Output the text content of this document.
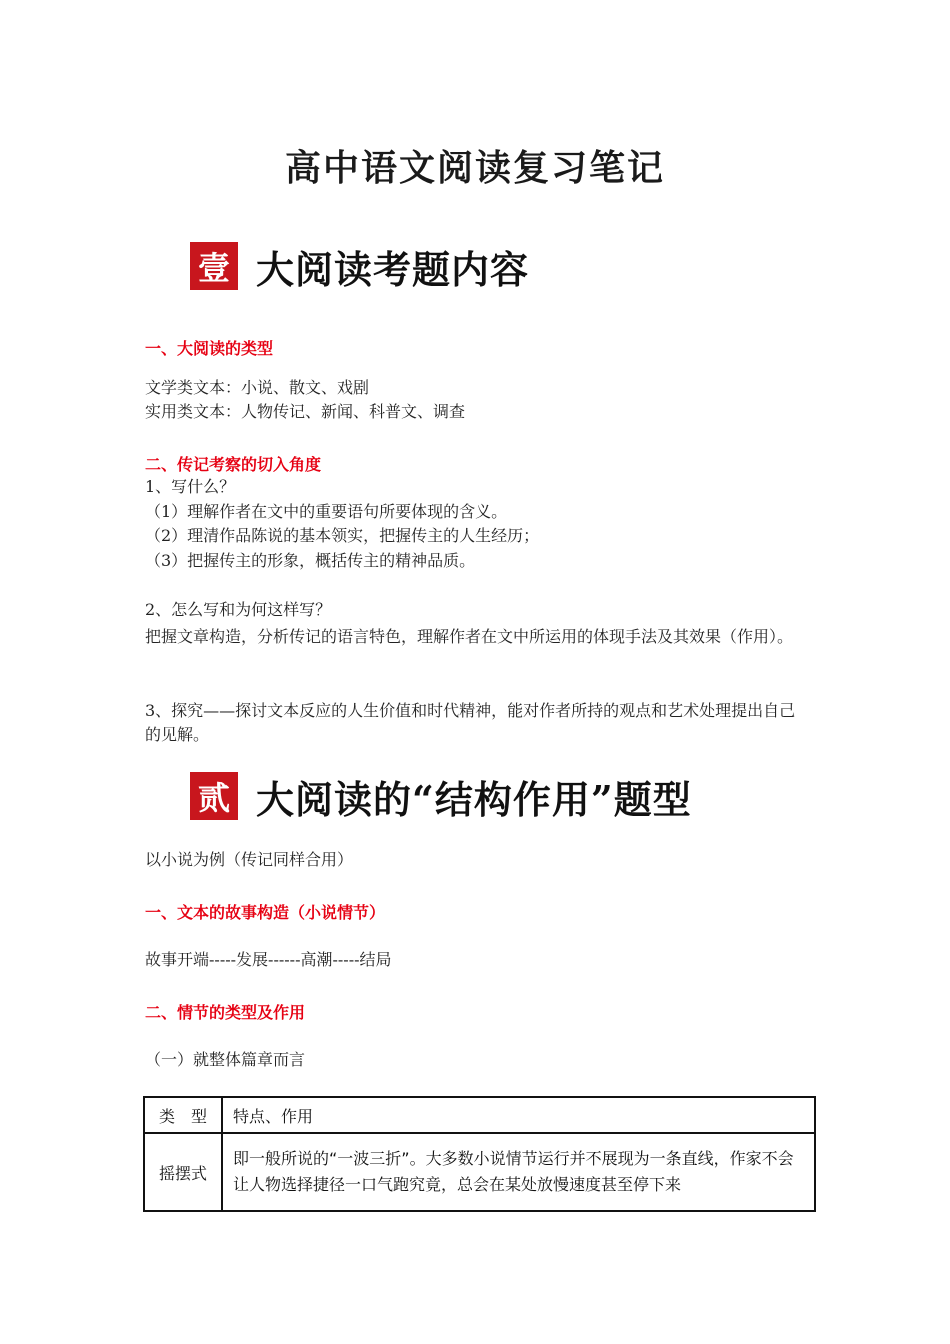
高中语文阅读复习笔记
壹 大阅读考题内容
一、大阅读的类型
文学类文本：小说、散文、戏剧
实用类文本：人物传记、新闻、科普文、调查
二、传记考察的切入角度
1、写什么？
（1）理解作者在文中的重要语句所要体现的含义。
（2）理清作品陈说的基本领实，把握传主的人生经历；
（3）把握传主的形象，概括传主的精神品质。
2、怎么写和为何这样写？
把握文章构造，分析传记的语言特色，理解作者在文中所运用的体现手法及其效果（作用）。
3、探究——探讨文本反应的人生价值和时代精神，能对作者所持的观点和艺术处理提出自己的见解。
贰 大阅读的“结构作用”题型
以小说为例（传记同样合用）
一、文本的故事构造（小说情节）
故事开端-----发展------高潮-----结局
二、情节的类型及作用
（一）就整体篇章而言
类　型	特点、作用
摇摆式	即一般所说的“一波三折”。大多数小说情节运行并不展现为一条直线，作家不会让人物选择捷径一口气跑究竟，总会在某处放慢速度甚至停下来
